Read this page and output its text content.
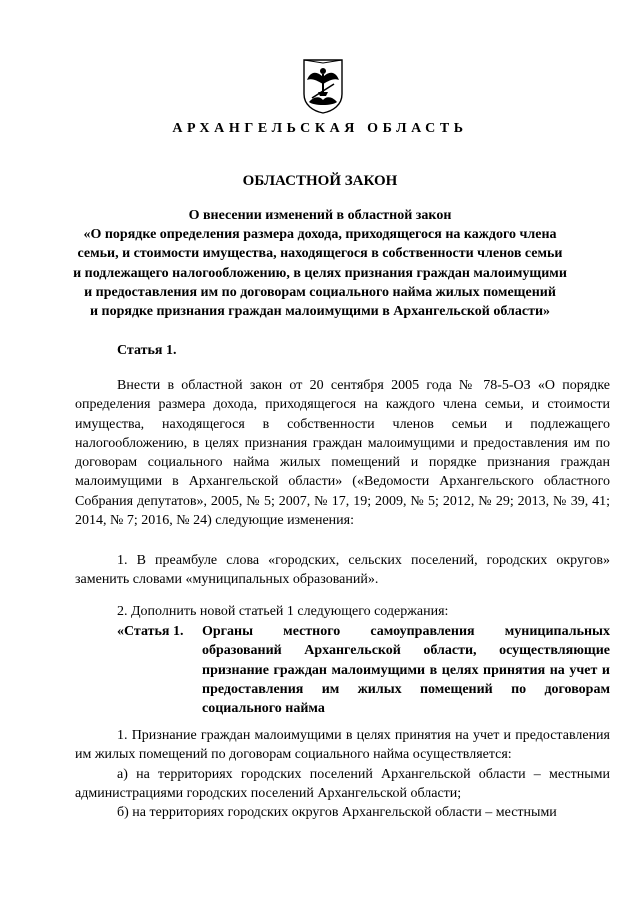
АРХАНГЕЛЬСКАЯ ОБЛАСТЬ
ОБЛАСТНОЙ ЗАКОН
О внесении изменений в областной закон
«О порядке определения размера дохода, приходящегося на каждого члена
семьи, и стоимости имущества, находящегося в собственности членов семьи
и подлежащего налогообложению, в целях признания граждан малоимущими
и предоставления им по договорам социального найма жилых помещений
и порядке признания граждан малоимущими в Архангельской области»
Статья 1.

Внести в областной закон от 20 сентября 2005 года № 78-5-ОЗ «О порядке определения размера дохода, приходящегося на каждого члена семьи, и стоимости имущества, находящегося в собственности членов семьи и подлежащего налогообложению, в целях признания граждан малоимущими и предоставления им по договорам социального найма жилых помещений и порядке признания граждан малоимущими в Архангельской области» («Ведомости Архангельского областного Собрания депутатов», 2005, № 5; 2007, № 17, 19; 2009, № 5; 2012, № 29; 2013, № 39, 41; 2014, № 7; 2016, № 24) следующие изменения:

1. В преамбуле слова «городских, сельских поселений, городских округов» заменить словами «муниципальных образований».

2. Дополнить новой статьей 1 следующего содержания:

«Статья 1.	Органы местного самоуправления муниципальных образований Архангельской области, осуществляющие признание граждан малоимущими в целях принятия на учет и предоставления им жилых помещений по договорам социального найма

1. Признание граждан малоимущими в целях принятия на учет и предоставления им жилых помещений по договорам социального найма осуществляется:

а) на территориях городских поселений Архангельской области – местными администрациями городских поселений Архангельской области;

б) на территориях городских округов Архангельской области – местными
